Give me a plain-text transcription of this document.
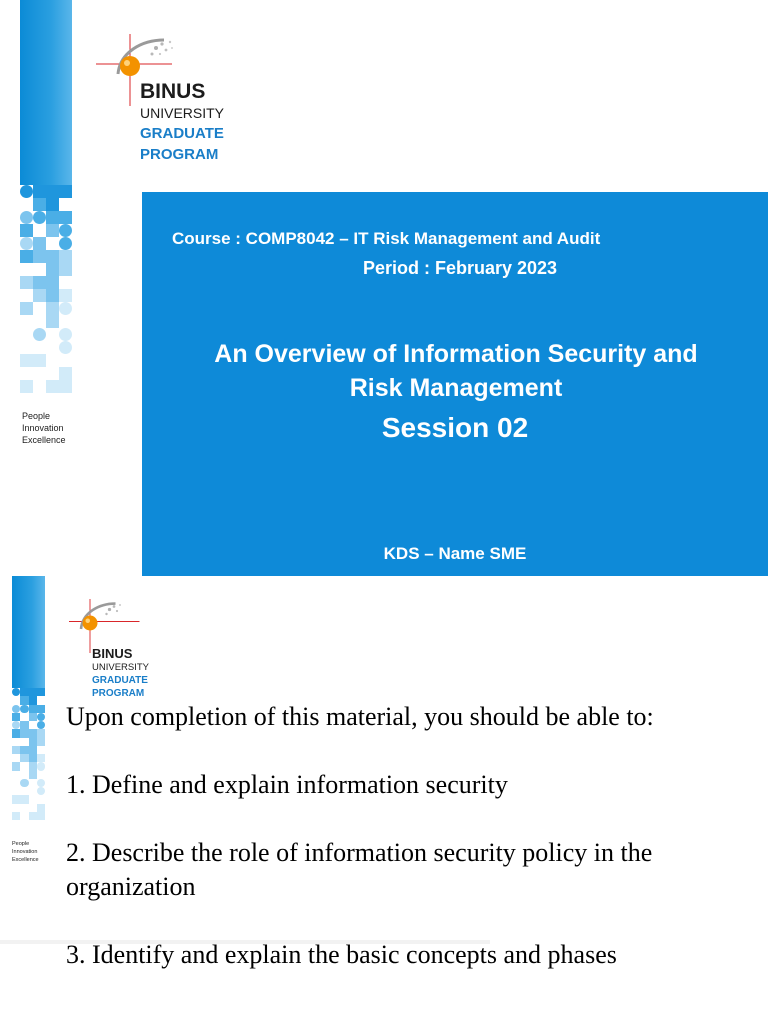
BINUS
UNIVERSITY
GRADUATE
PROGRAM
People
Innovation
Excellence
Course : COMP8042 – IT Risk Management and Audit
Period : February 2023
An Overview of Information Security and
Risk Management
Session 02
KDS – Name SME
BINUS
UNIVERSITY
GRADUATE
PROGRAM
People
Innovation
Excellence

Upon completion of this material, you should be able to:

1. Define and explain information security

2. Describe the role of information security policy in the organization

3. Identify and explain the basic concepts and phases
